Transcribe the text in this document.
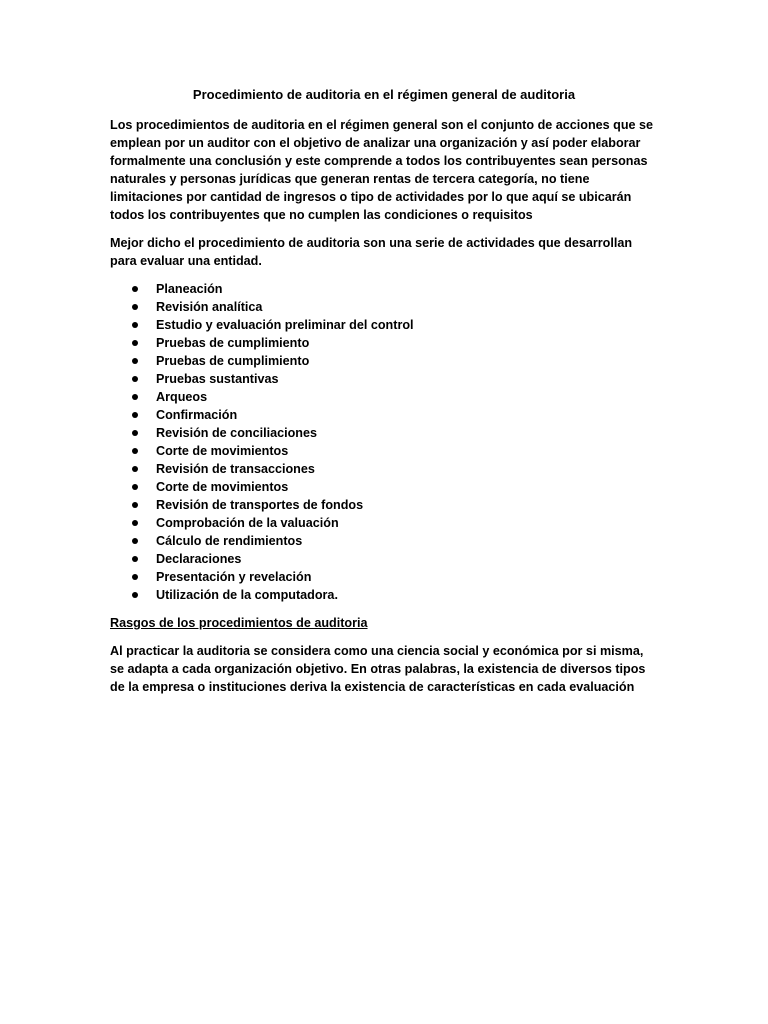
Procedimiento de auditoria en el régimen general de auditoria

Los procedimientos de auditoria en el régimen general son el conjunto de acciones que se emplean por un auditor con el objetivo de analizar una organización y así poder elaborar formalmente una conclusión y este comprende a todos los contribuyentes sean personas naturales y personas jurídicas que generan rentas de tercera categoría, no tiene limitaciones por cantidad de ingresos o tipo de actividades por lo que aquí se ubicarán todos los contribuyentes que no cumplen las condiciones o requisitos

Mejor dicho el procedimiento de auditoria son una serie de actividades que desarrollan para evaluar una entidad.

Planeación
Revisión analítica
Estudio y evaluación preliminar del control
Pruebas de cumplimiento
Pruebas de cumplimiento
Pruebas sustantivas
Arqueos
Confirmación
Revisión de conciliaciones
Corte de movimientos
Revisión de transacciones
Corte de movimientos
Revisión de transportes de fondos
Comprobación de la valuación
Cálculo de rendimientos
Declaraciones
Presentación y revelación
Utilización de la computadora.
Rasgos de los procedimientos de auditoria

Al practicar la auditoria se considera como una ciencia social y económica por si misma, se adapta a cada organización objetivo. En otras palabras, la existencia de diversos tipos de la empresa o instituciones deriva la existencia de características en cada evaluación
